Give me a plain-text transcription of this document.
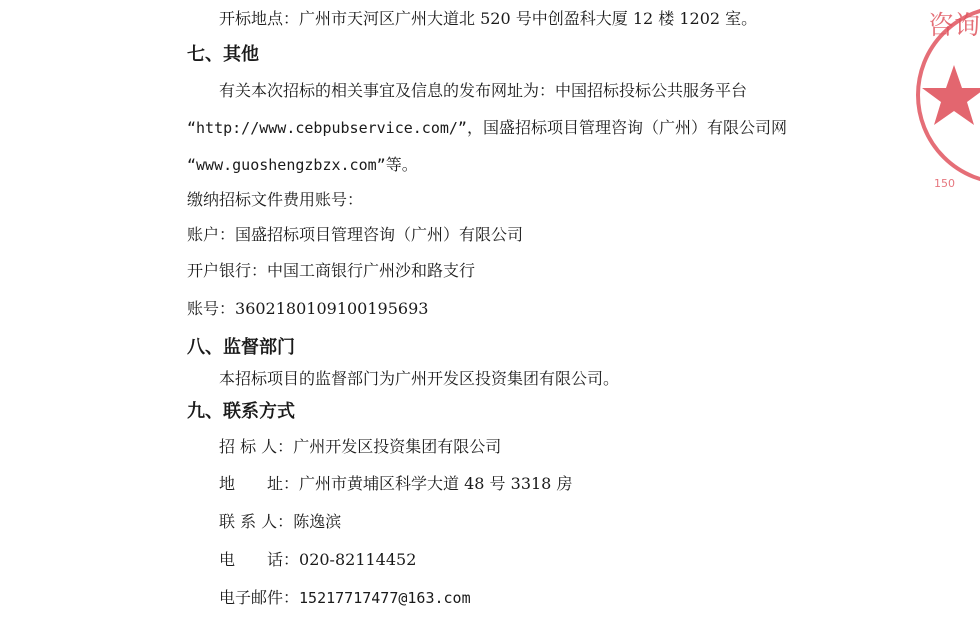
开标地点：广州市天河区广州大道北 520 号中创盈科大厦 12 楼 1202 室。
七、其他
有关本次招标的相关事宜及信息的发布网址为：中国招标投标公共服务平台
“http://www.cebpubservice.com/”，国盛招标项目管理咨询（广州）有限公司网
“www.guoshengzbzx.com”等。
缴纳招标文件费用账号：
账户：国盛招标项目管理咨询（广州）有限公司
开户银行：中国工商银行广州沙和路支行
账号：3602180109100195693
八、监督部门
本招标项目的监督部门为广州开发区投资集团有限公司。
九、联系方式
招 标 人：广州开发区投资集团有限公司
地　　址：广州市黄埔区科学大道 48 号 3318 房
联 系 人：陈逸滨
电　　话：020-82114452
电子邮件：15217717477@163.com
咨询
150
